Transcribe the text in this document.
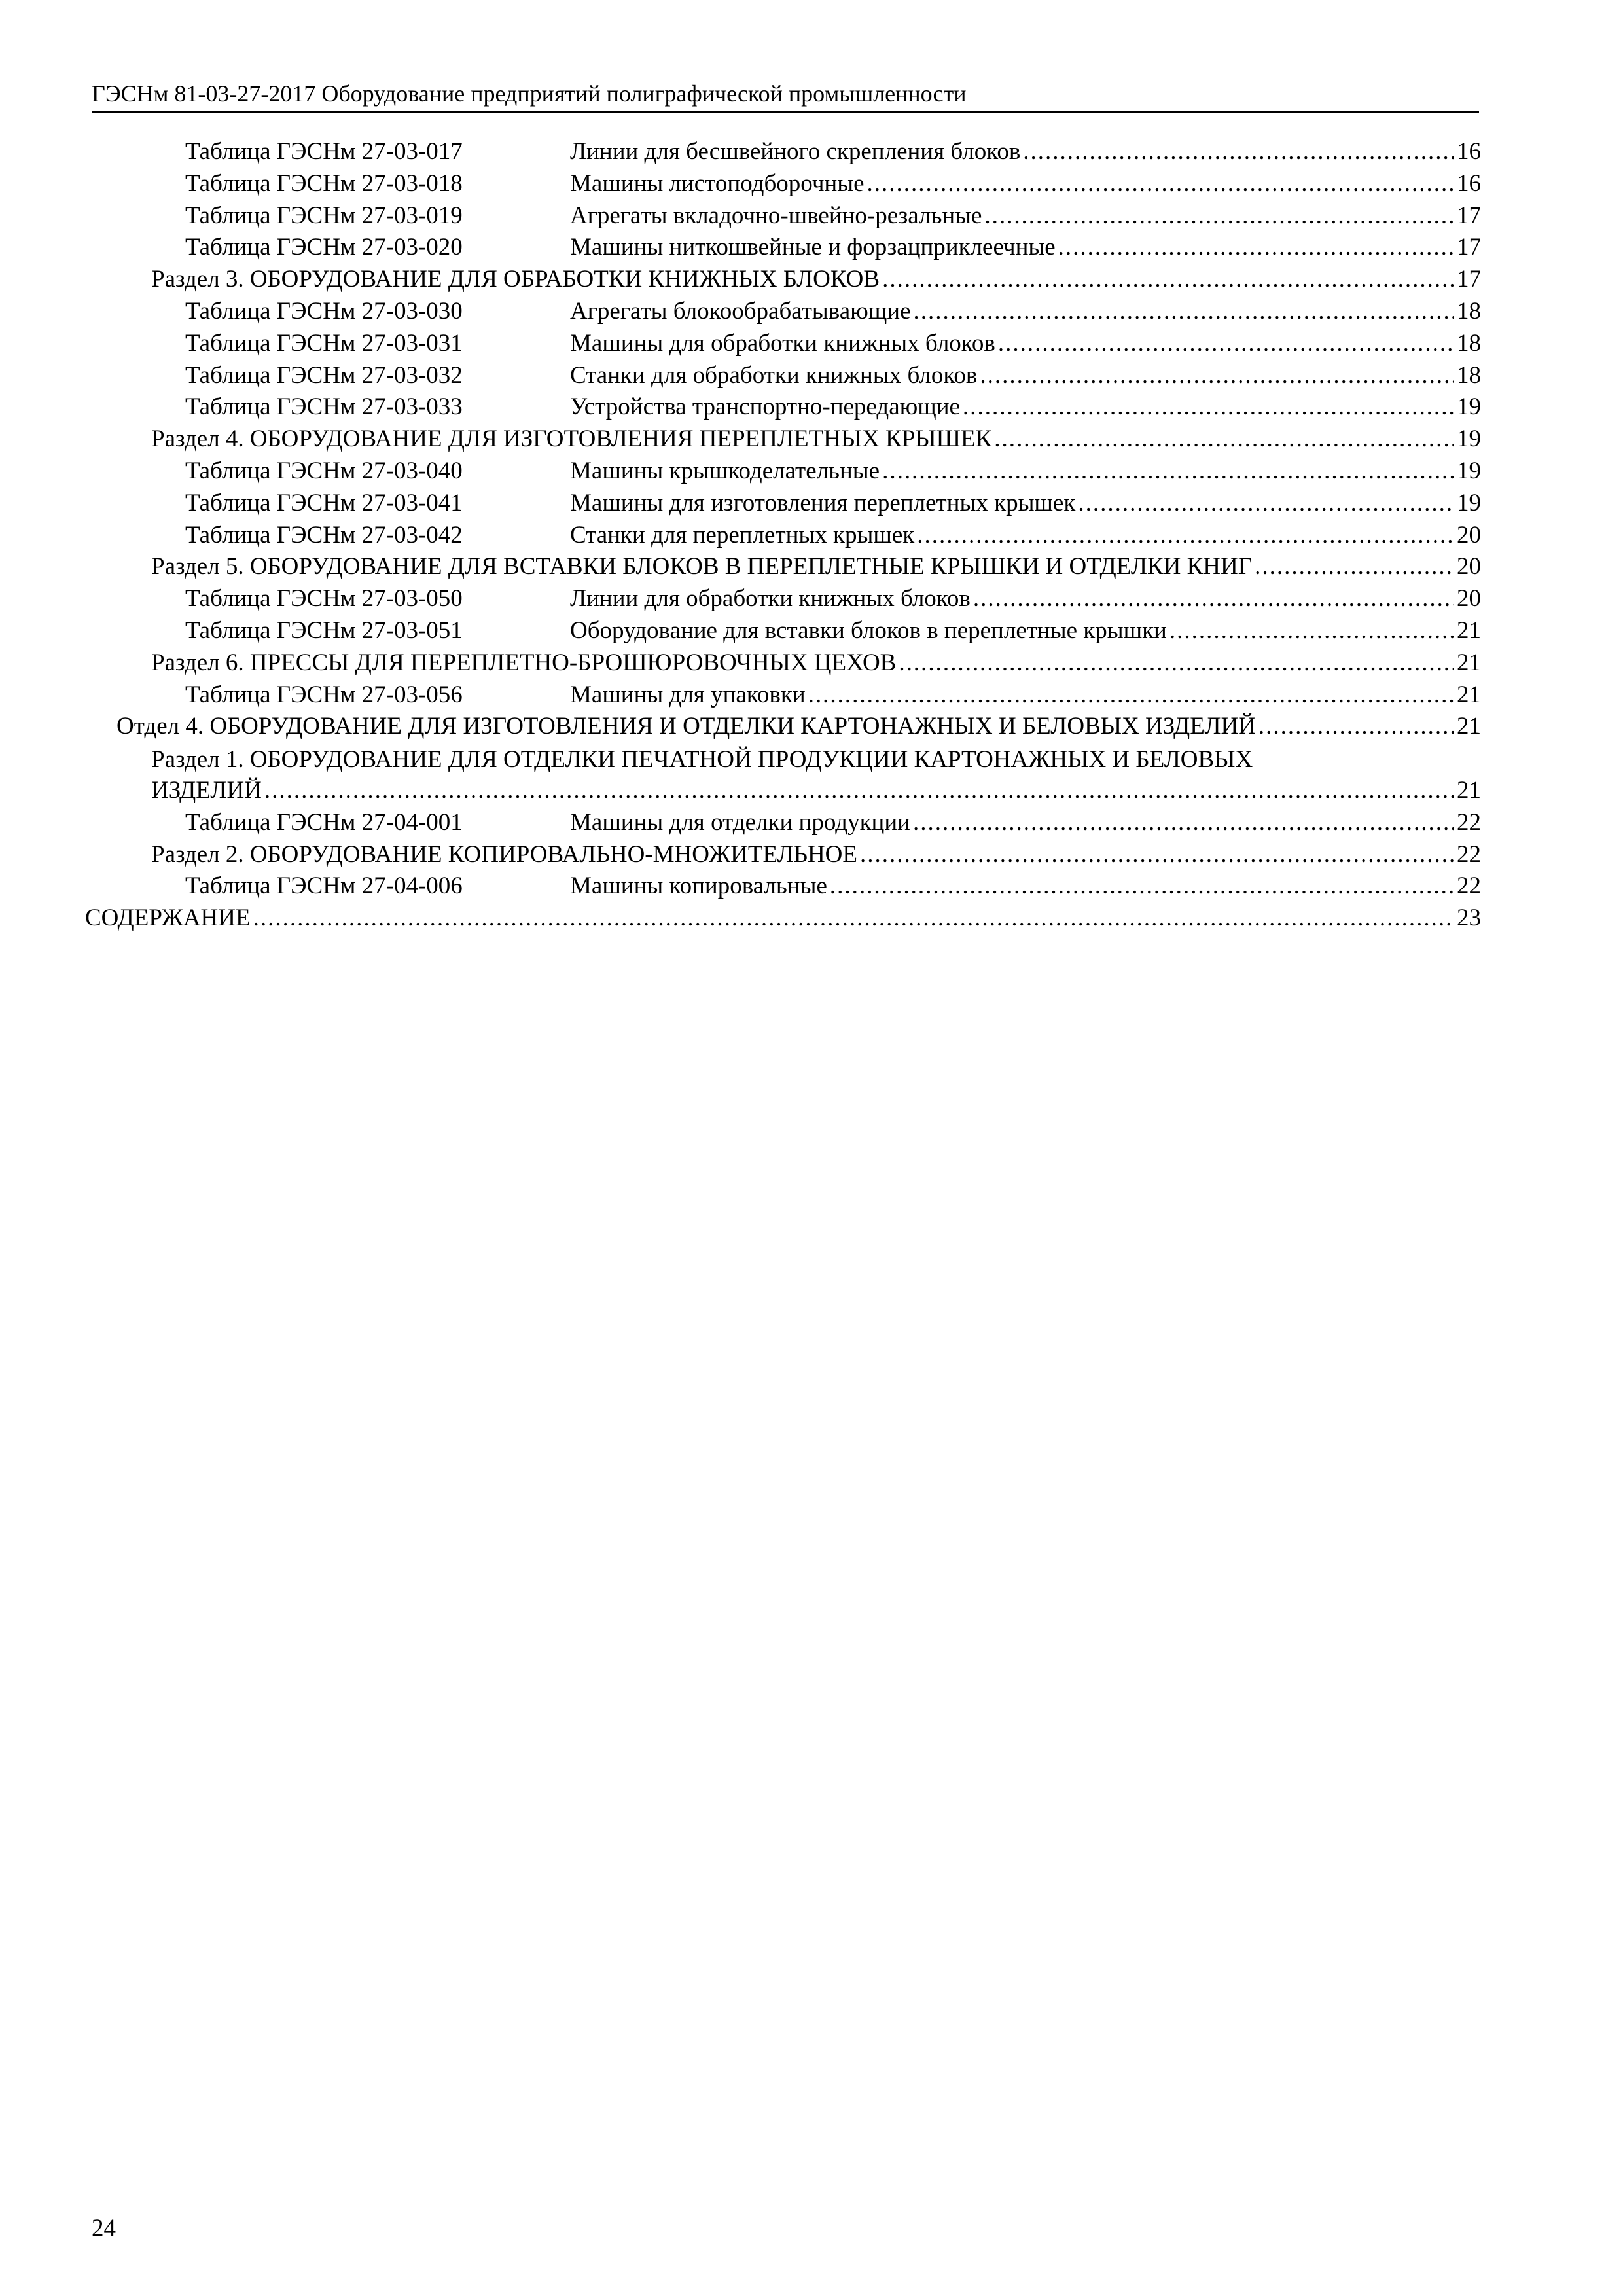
ГЭСНм 81-03-27-2017 Оборудование предприятий полиграфической промышленности
Таблица ГЭСНм 27-03-017	Линии для бесшвейного скрепления блоков .....	16
Таблица ГЭСНм 27-03-018	Машины листоподборочные .....	16
Таблица ГЭСНм 27-03-019	Агрегаты вкладочно-швейно-резальные .....	17
Таблица ГЭСНм 27-03-020	Машины ниткошвейные и форзацприклеечные .....	17
Раздел 3. ОБОРУДОВАНИЕ ДЛЯ ОБРАБОТКИ КНИЖНЫХ БЛОКОВ .....	17
Таблица ГЭСНм 27-03-030	Агрегаты блокообрабатывающие .....	18
Таблица ГЭСНм 27-03-031	Машины для обработки книжных блоков .....	18
Таблица ГЭСНм 27-03-032	Станки для обработки книжных блоков .....	18
Таблица ГЭСНм 27-03-033	Устройства транспортно-передающие .....	19
Раздел 4. ОБОРУДОВАНИЕ ДЛЯ ИЗГОТОВЛЕНИЯ ПЕРЕПЛЕТНЫХ КРЫШЕК .....	19
Таблица ГЭСНм 27-03-040	Машины крышкоделательные .....	19
Таблица ГЭСНм 27-03-041	Машины для изготовления переплетных крышек .....	19
Таблица ГЭСНм 27-03-042	Станки для переплетных крышек .....	20
Раздел 5. ОБОРУДОВАНИЕ ДЛЯ ВСТАВКИ БЛОКОВ В ПЕРЕПЛЕТНЫЕ КРЫШКИ И ОТДЕЛКИ КНИГ .....	20
Таблица ГЭСНм 27-03-050	Линии для обработки книжных блоков .....	20
Таблица ГЭСНм 27-03-051	Оборудование для вставки блоков в переплетные крышки .....	21
Раздел 6. ПРЕССЫ ДЛЯ ПЕРЕПЛЕТНО-БРОШЮРОВОЧНЫХ ЦЕХОВ .....	21
Таблица ГЭСНм 27-03-056	Машины для упаковки .....	21
Отдел 4. ОБОРУДОВАНИЕ ДЛЯ ИЗГОТОВЛЕНИЯ И ОТДЕЛКИ КАРТОНАЖНЫХ И БЕЛОВЫХ ИЗДЕЛИЙ .....	21
Раздел 1. ОБОРУДОВАНИЕ ДЛЯ ОТДЕЛКИ ПЕЧАТНОЙ ПРОДУКЦИИ КАРТОНАЖНЫХ И БЕЛОВЫХ
ИЗДЕЛИЙ .....	21
Таблица ГЭСНм 27-04-001	Машины для отделки продукции .....	22
Раздел 2. ОБОРУДОВАНИЕ КОПИРОВАЛЬНО-МНОЖИТЕЛЬНОЕ .....	22
Таблица ГЭСНм 27-04-006	Машины копировальные .....	22
СОДЕРЖАНИЕ .....	23
24
